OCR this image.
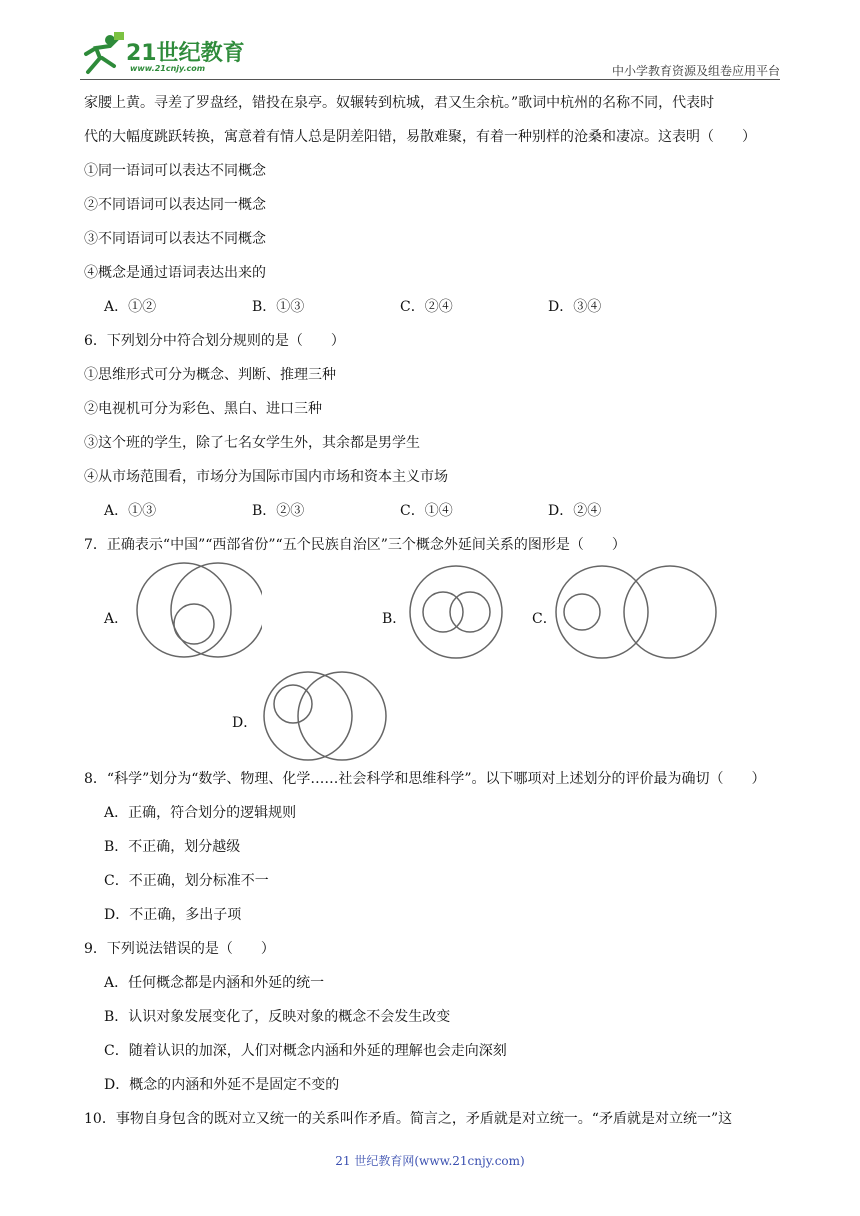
21世纪教育
www.21cnjy.com	中小学教育资源及组卷应用平台
家腰上黄。寻差了罗盘经，错投在泉亭。奴辗转到杭城，君又生余杭。”歌词中杭州的名称不同，代表时
代的大幅度跳跃转换，寓意着有情人总是阴差阳错，易散难聚，有着一种别样的沧桑和凄凉。这表明（　　）
①同一语词可以表达不同概念
②不同语词可以表达同一概念
③不同语词可以表达不同概念
④概念是通过语词表达出来的
A．①②	B．①③	C．②④	D．③④
6．下列划分中符合划分规则的是（　　）
①思维形式可分为概念、判断、推理三种
②电视机可分为彩色、黑白、进口三种
③这个班的学生，除了七名女学生外，其余都是男学生
④从市场范围看，市场分为国际市国内市场和资本主义市场
A．①③	B．②③	C．①④	D．②④
7．正确表示“中国”“西部省份”“五个民族自治区”三个概念外延间关系的图形是（　　）
A．	B．	C．
D．
8．“科学”划分为“数学、物理、化学……社会科学和思维科学”。以下哪项对上述划分的评价最为确切（　　）
A．正确，符合划分的逻辑规则
B．不正确，划分越级
C．不正确，划分标准不一
D．不正确，多出子项
9．下列说法错误的是（　　）
A．任何概念都是内涵和外延的统一
B．认识对象发展变化了，反映对象的概念不会发生改变
C．随着认识的加深，人们对概念内涵和外延的理解也会走向深刻
D．概念的内涵和外延不是固定不变的
10．事物自身包含的既对立又统一的关系叫作矛盾。简言之，矛盾就是对立统一。“矛盾就是对立统一”这
21 世纪教育网(www.21cnjy.com)
